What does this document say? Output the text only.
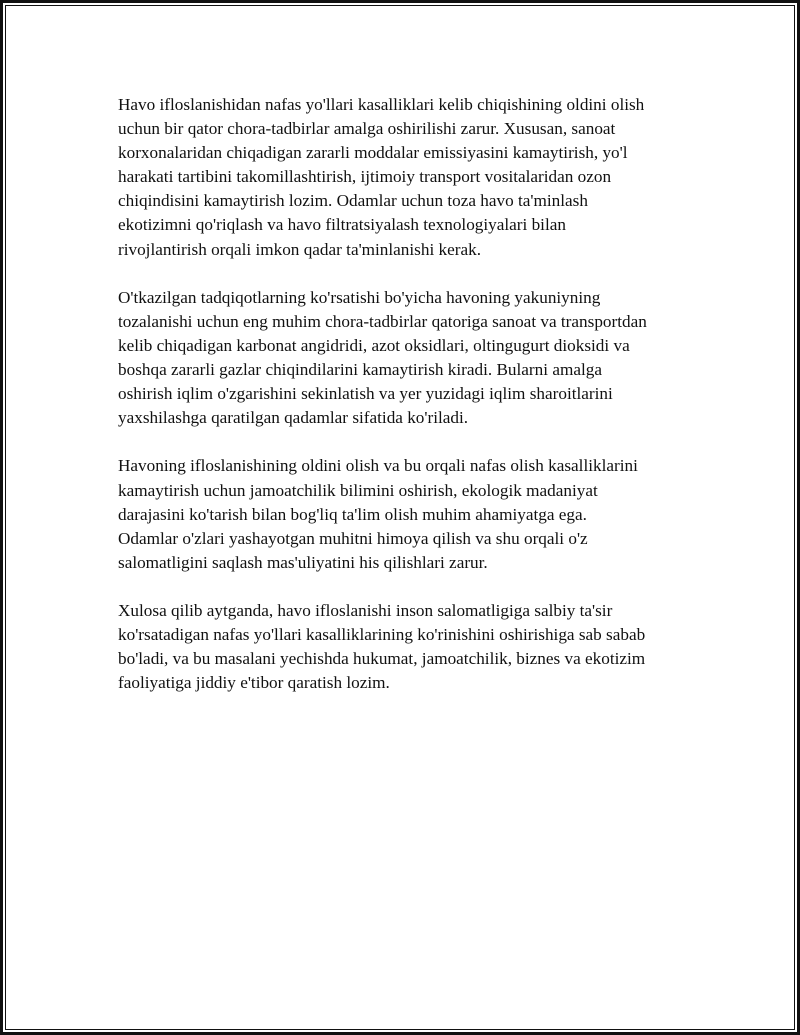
Havo ifloslanishidan nafas yo'llari kasalliklari kelib chiqishining oldini olish
uchun bir qator chora-tadbirlar amalga oshirilishi zarur. Xususan, sanoat
korxonalaridan chiqadigan zararli moddalar emissiyasini kamaytirish, yo'l
harakati tartibini takomillashtirish, ijtimoiy transport vositalaridan ozon
chiqindisini kamaytirish lozim. Odamlar uchun toza havo ta'minlash
ekotizimni qo'riqlash va havo filtratsiyalash texnologiyalari bilan
rivojlantirish orqali imkon qadar ta'minlanishi kerak.

O'tkazilgan tadqiqotlarning ko'rsatishi bo'yicha havoning yakuniyning
tozalanishi uchun eng muhim chora-tadbirlar qatoriga sanoat va transportdan
kelib chiqadigan karbonat angidridi, azot oksidlari, oltingugurt dioksidi va
boshqa zararli gazlar chiqindilarini kamaytirish kiradi. Bularni amalga
oshirish iqlim o'zgarishini sekinlatish va yer yuzidagi iqlim sharoitlarini
yaxshilashga qaratilgan qadamlar sifatida ko'riladi.

Havoning ifloslanishining oldini olish va bu orqali nafas olish kasalliklarini
kamaytirish uchun jamoatchilik bilimini oshirish, ekologik madaniyat
darajasini ko'tarish bilan bog'liq ta'lim olish muhim ahamiyatga ega.
Odamlar o'zlari yashayotgan muhitni himoya qilish va shu orqali o'z
salomatligini saqlash mas'uliyatini his qilishlari zarur.

Xulosa qilib aytganda, havo ifloslanishi inson salomatligiga salbiy ta'sir
ko'rsatadigan nafas yo'llari kasalliklarining ko'rinishini oshirishiga sab sabab
bo'ladi, va bu masalani yechishda hukumat, jamoatchilik, biznes va ekotizim
faoliyatiga jiddiy e'tibor qaratish lozim.
